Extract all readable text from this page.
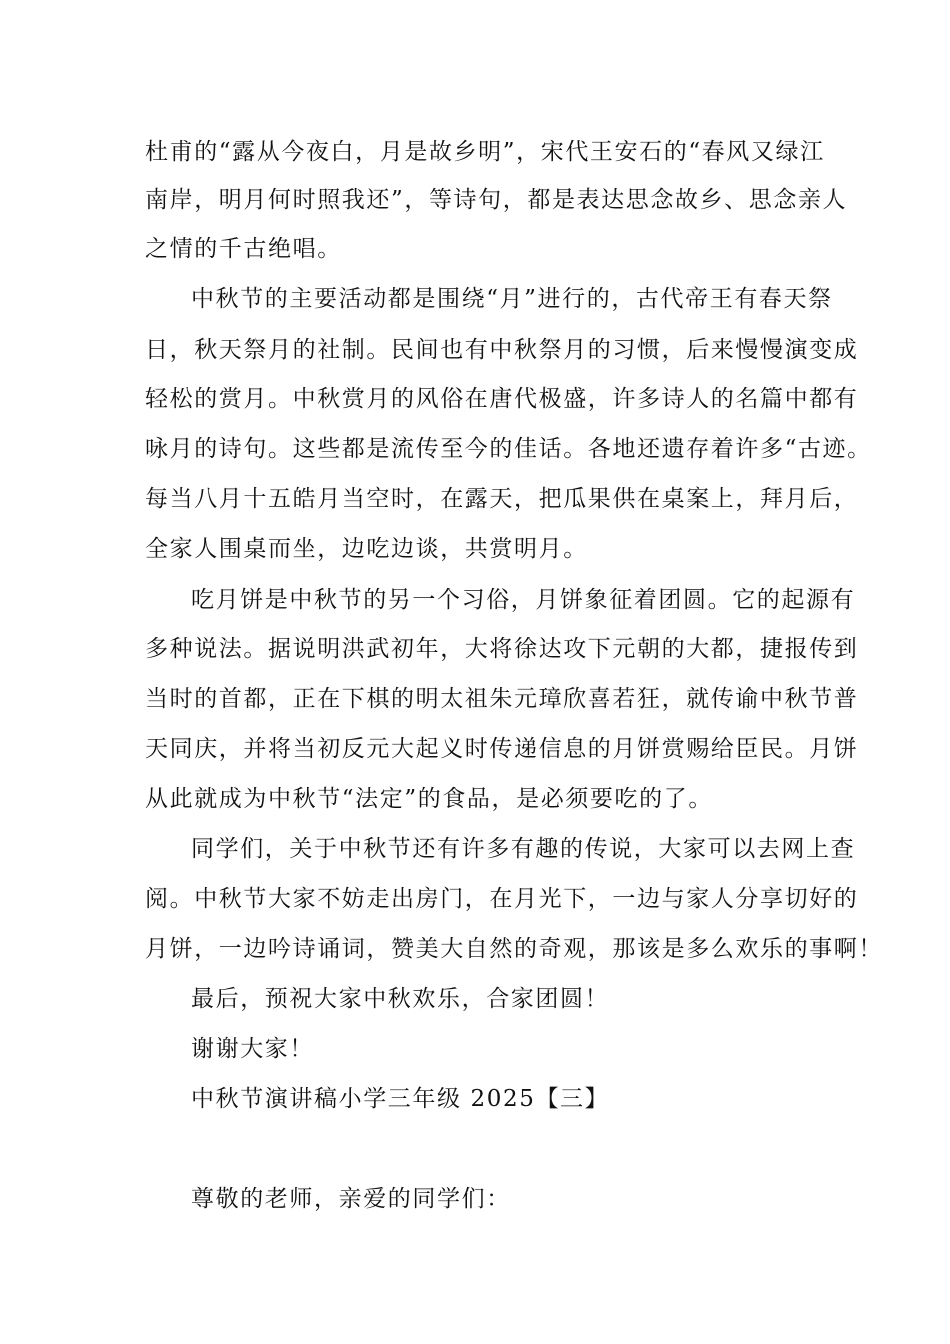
杜甫的“露从今夜白，月是故乡明”，宋代王安石的“春风又绿江
南岸，明月何时照我还”，等诗句，都是表达思念故乡、思念亲人
之情的千古绝唱。
中秋节的主要活动都是围绕“月”进行的，古代帝王有春天祭
日，秋天祭月的社制。民间也有中秋祭月的习惯，后来慢慢演变成
轻松的赏月。中秋赏月的风俗在唐代极盛，许多诗人的名篇中都有
咏月的诗句。这些都是流传至今的佳话。各地还遗存着许多“古迹。
每当八月十五皓月当空时，在露天，把瓜果供在桌案上，拜月后，
全家人围桌而坐，边吃边谈，共赏明月。
吃月饼是中秋节的另一个习俗，月饼象征着团圆。它的起源有
多种说法。据说明洪武初年，大将徐达攻下元朝的大都，捷报传到
当时的首都，正在下棋的明太祖朱元璋欣喜若狂，就传谕中秋节普
天同庆，并将当初反元大起义时传递信息的月饼赏赐给臣民。月饼
从此就成为中秋节“法定”的食品，是必须要吃的了。
同学们，关于中秋节还有许多有趣的传说，大家可以去网上查
阅。中秋节大家不妨走出房门，在月光下，一边与家人分享切好的
月饼，一边吟诗诵词，赞美大自然的奇观，那该是多么欢乐的事啊！
最后，预祝大家中秋欢乐，合家团圆！
谢谢大家！
中秋节演讲稿小学三年级 2025【三】
尊敬的老师，亲爱的同学们：
